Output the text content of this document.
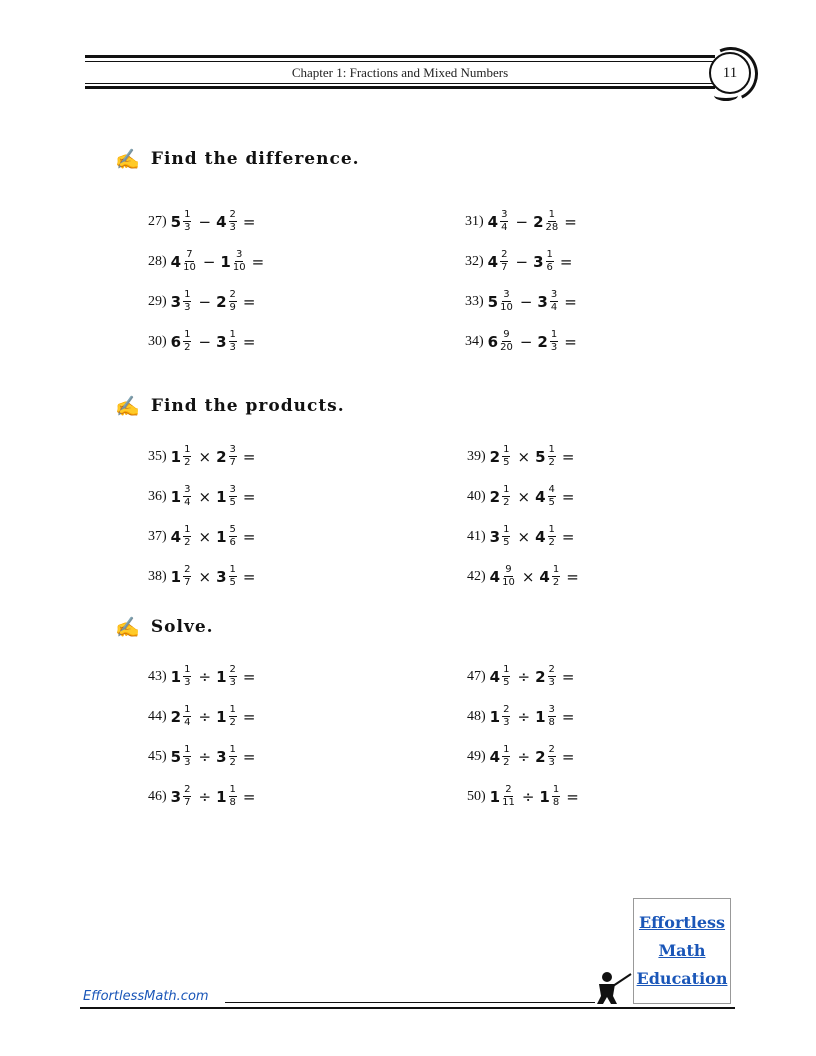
Chapter 1: Fractions and Mixed Numbers	11
✍ Find the difference.
✍ Find the products.
✍ Solve.
27) $5 \frac{1}{3} - 4 \frac{2}{3}$ =
28) $4 \frac{7}{10} - 1 \frac{3}{10}$ =
29) $3 \frac{1}{3} - 2 \frac{2}{9}$ =
30) $6 \frac{1}{2} - 3 \frac{1}{3}$ =
31) $4 \frac{3}{4} - 2 \frac{1}{28}$ =
32) $4 \frac{2}{7} - 3 \frac{1}{6}$ =
33) $5 \frac{3}{10} - 3 \frac{3}{4}$ =
34) $6 \frac{9}{20} - 2 \frac{1}{3}$ =
35) $1 \frac{1}{2} \times 2 \frac{3}{7}$ =
36) $1 \frac{3}{4} \times 1 \frac{3}{5}$ =
37) $4 \frac{1}{2} \times 1 \frac{5}{6}$ =
38) $1 \frac{2}{7} \times 3 \frac{1}{5}$ =
39) $2 \frac{1}{5} \times 5 \frac{1}{2}$ =
40) $2 \frac{1}{2} \times 4 \frac{4}{5}$ =
41) $3 \frac{1}{5} \times 4 \frac{1}{2}$ =
42) $4 \frac{9}{10} \times 4 \frac{1}{2}$ =
43) $1 \frac{1}{3} \div 1 \frac{2}{3}$ =
44) $2 \frac{1}{4} \div 1 \frac{1}{2}$ =
45) $5 \frac{1}{3} \div 3 \frac{1}{2}$ =
46) $3 \frac{2}{7} \div 1 \frac{1}{8}$ =
47) $4 \frac{1}{5} \div 2 \frac{2}{3}$ =
48) $1 \frac{2}{3} \div 1 \frac{3}{8}$ =
49) $4 \frac{1}{2} \div 2 \frac{2}{3}$ =
50) $1 \frac{2}{11} \div 1 \frac{1}{8}$ =
Effortless
Math
Education
EffortlessMath.com
